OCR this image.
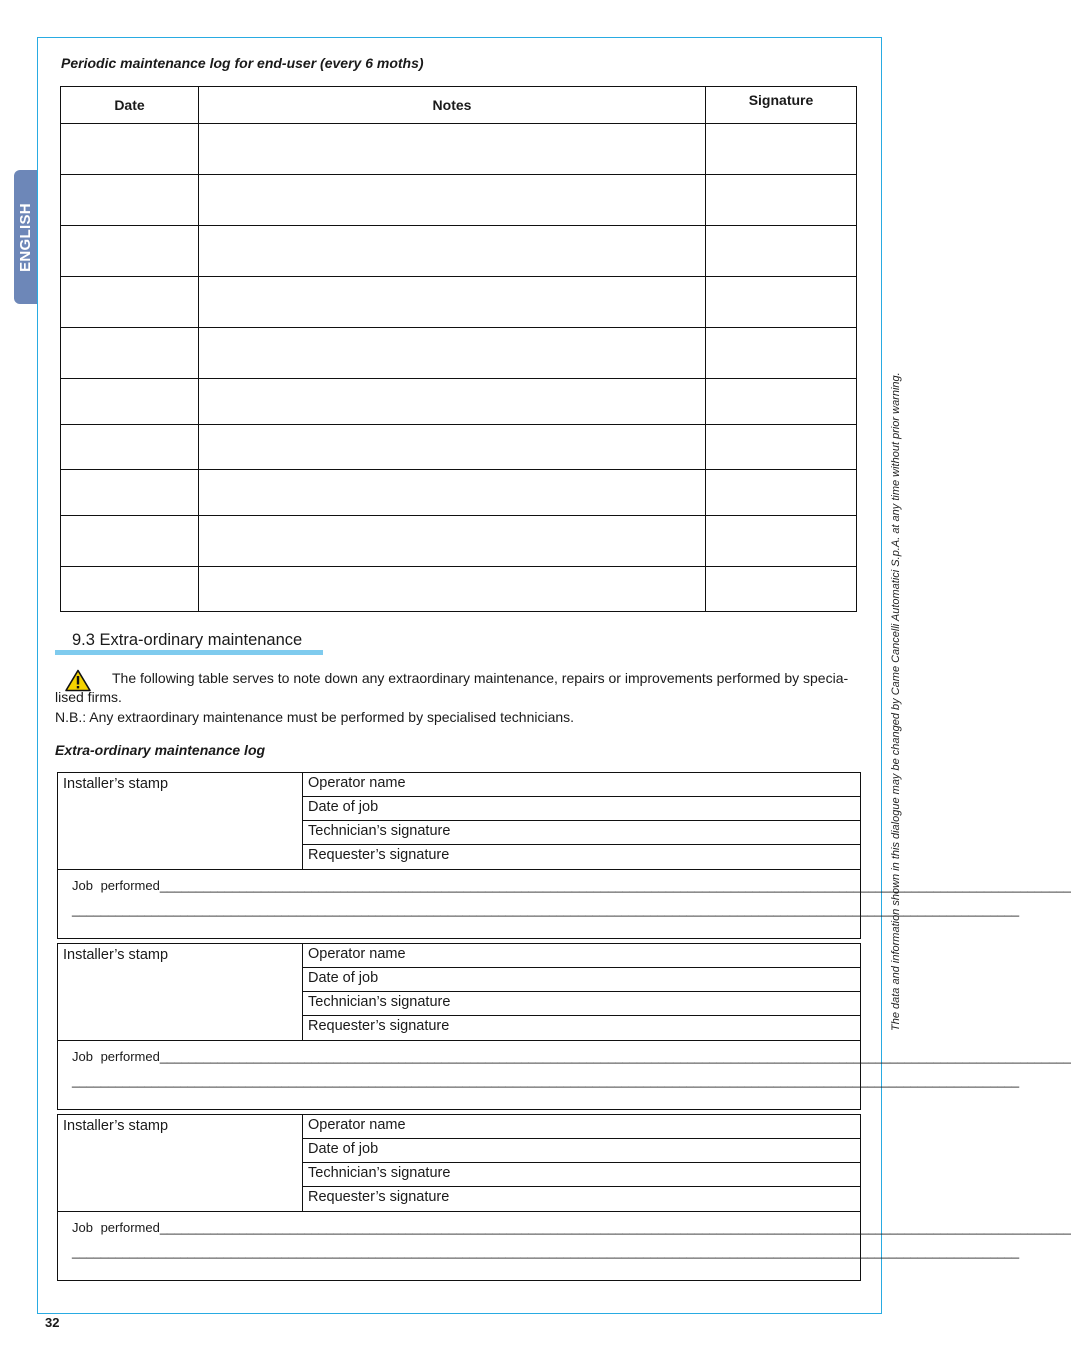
ENGLISH
The data and information shown in this dialogue may be changed by Came Cancelli Automatici S.p.A. at any time without prior warning.
Periodic maintenance log for end-user (every 6 moths)
Date	Notes	Signature

9.3 Extra-ordinary maintenance
The following table serves to note down any extraordinary maintenance, repairs or improvements performed by specia-lised firms.
N.B.: Any extraordinary maintenance must be performed by specialised technicians.
Extra-ordinary maintenance log
Installer’s stamp	Operator name
Date of job
Technician’s signature
Requester’s signature
Job performed______________________________________________________________________________________________________________________________
___________________________________________________________________________________________________________________________________
Installer’s stamp	Operator name
Date of job
Technician’s signature
Requester’s signature
Job performed______________________________________________________________________________________________________________________________
___________________________________________________________________________________________________________________________________
Installer’s stamp	Operator name
Date of job
Technician’s signature
Requester’s signature
Job performed______________________________________________________________________________________________________________________________
___________________________________________________________________________________________________________________________________
32
